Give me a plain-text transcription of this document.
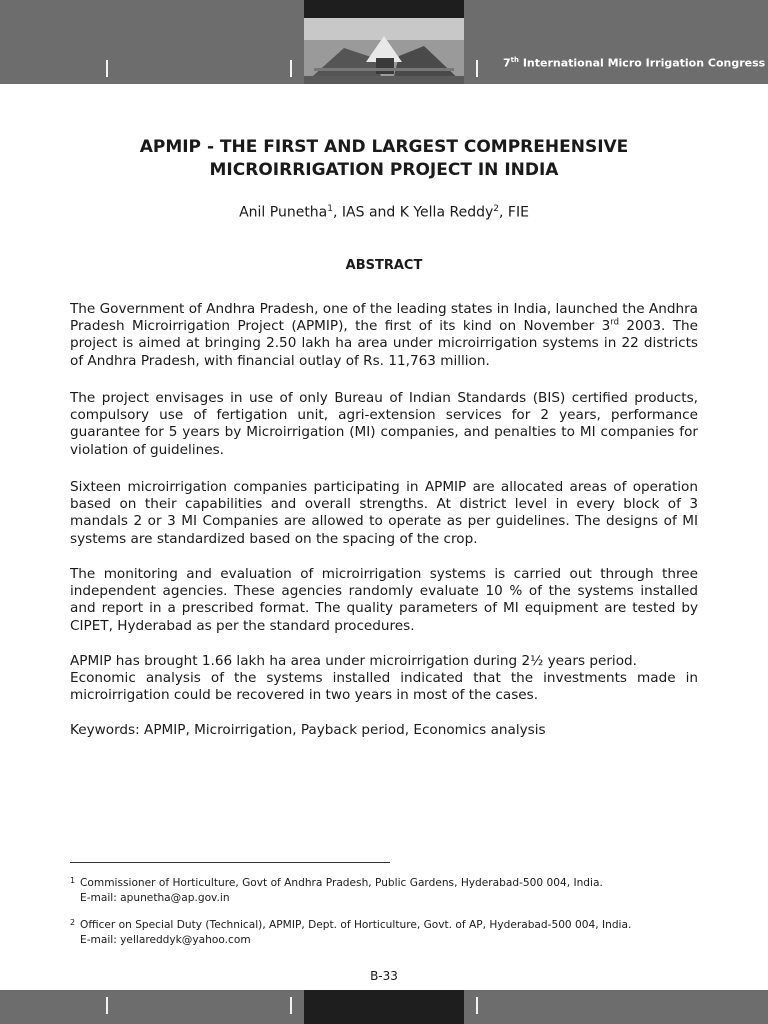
7th International Micro Irrigation Congress
APMIP - THE FIRST AND LARGEST COMPREHENSIVE
MICROIRRIGATION PROJECT IN INDIA
Anil Punetha$^1$, IAS and K Yella Reddy$^2$, FIE
ABSTRACT

The Government of Andhra Pradesh, one of the leading states in India, launched the Andhra Pradesh Microirrigation Project (APMIP), the first of its kind on November 3rd 2003. The project is aimed at bringing 2.50 lakh ha area under microirrigation systems in 22 districts of Andhra Pradesh, with financial outlay of Rs. 11,763 million.

The project envisages in use of only Bureau of Indian Standards (BIS) certified products, compulsory use of fertigation unit, agri-extension services for 2 years, performance guarantee for 5 years by Microirrigation (MI) companies, and penalties to MI companies for violation of guidelines.

Sixteen microirrigation companies participating in APMIP are allocated areas of operation based on their capabilities and overall strengths. At district level in every block of 3 mandals 2 or 3 MI Companies are allowed to operate as per guidelines. The designs of MI systems are standardized based on the spacing of the crop.

The monitoring and evaluation of microirrigation systems is carried out through three independent agencies. These agencies randomly evaluate 10 % of the systems installed and report in a prescribed format. The quality parameters of MI equipment are tested by CIPET, Hyderabad as per the standard procedures.

APMIP has brought 1.66 lakh ha area under microirrigation during 2½ years period.
Economic analysis of the systems installed indicated that the investments made in microirrigation could be recovered in two years in most of the cases.

Keywords: APMIP, Microirrigation, Payback period, Economics analysis

1 Commissioner of Horticulture, Govt of Andhra Pradesh, Public Gardens, Hyderabad-500 004, India.
E-mail: apunetha@ap.gov.in
2 Officer on Special Duty (Technical), APMIP, Dept. of Horticulture, Govt. of AP, Hyderabad-500 004, India.
E-mail: yellareddyk@yahoo.com
B-33
